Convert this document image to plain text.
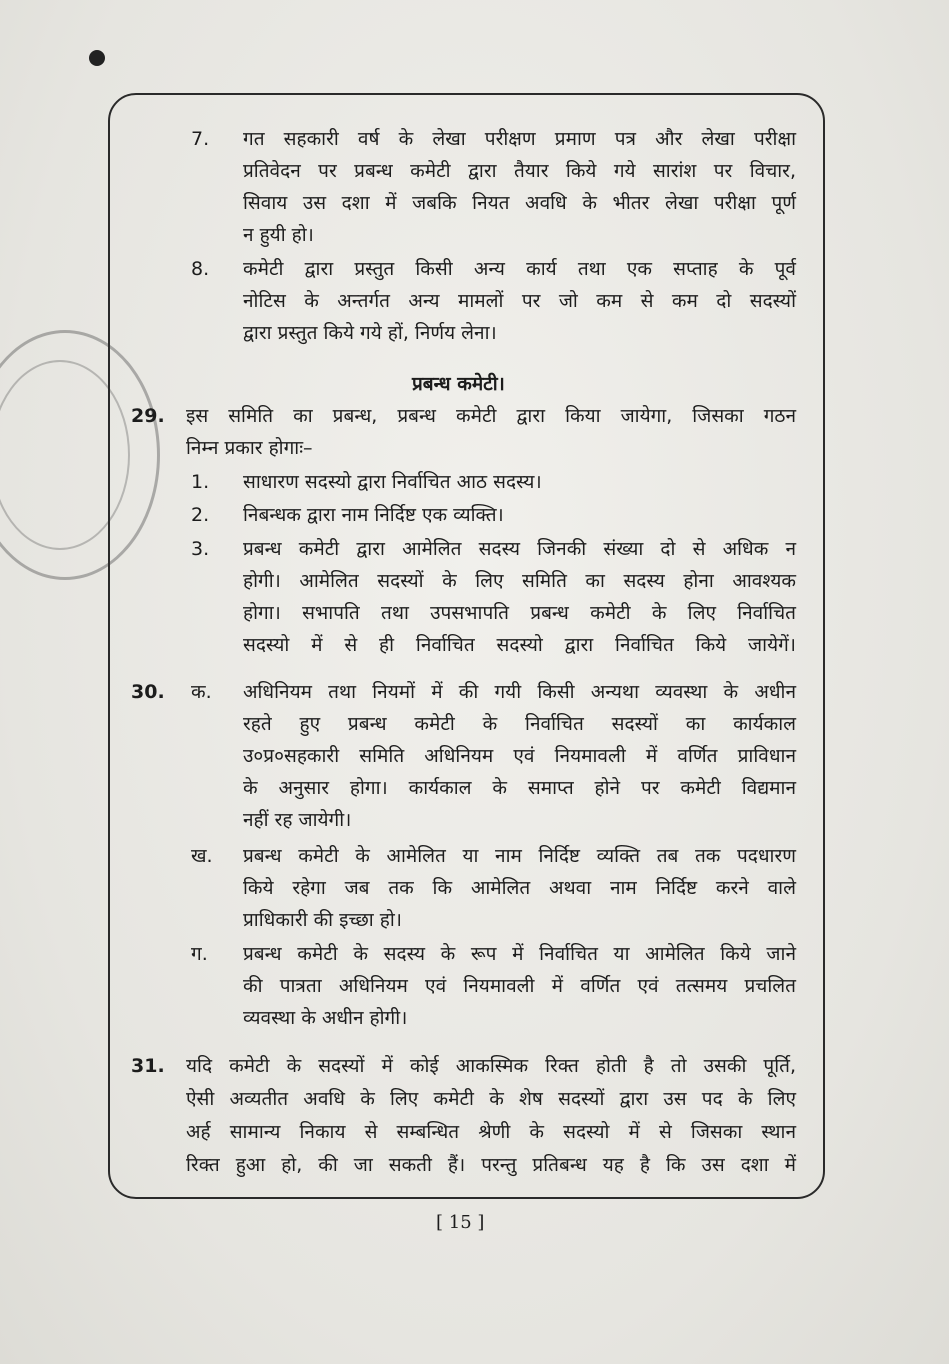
7. गत सहकारी वर्ष के लेखा परीक्षण प्रमाण पत्र और लेखा परीक्षा
प्रतिवेदन पर प्रबन्ध कमेटी द्वारा तैयार किये गये सारांश पर विचार,
सिवाय उस दशा में जबकि नियत अवधि के भीतर लेखा परीक्षा पूर्ण
न हुयी हो।
8. कमेटी द्वारा प्रस्तुत किसी अन्य कार्य तथा एक सप्ताह के पूर्व
नोटिस के अन्तर्गत अन्य मामलों पर जो कम से कम दो सदस्यों
द्वारा प्रस्तुत किये गये हों, निर्णय लेना।
प्रबन्ध कमेटी।
29. इस समिति का प्रबन्ध, प्रबन्ध कमेटी द्वारा किया जायेगा, जिसका गठन
निम्न प्रकार होगाः–
1. साधारण सदस्यो द्वारा निर्वाचित आठ सदस्य।
2. निबन्धक द्वारा नाम निर्दिष्ट एक व्यक्ति।
3. प्रबन्ध कमेटी द्वारा आमेलित सदस्य जिनकी संख्या दो से अधिक न
होगी। आमेलित सदस्यों के लिए समिति का सदस्य होना आवश्यक
होगा। सभापति तथा उपसभापति प्रबन्ध कमेटी के लिए निर्वाचित
सदस्यो में से ही निर्वाचित सदस्यो द्वारा निर्वाचित किये जायेगें।
30. क. अधिनियम तथा नियमों में की गयी किसी अन्यथा व्यवस्था के अधीन
रहते हुए प्रबन्ध कमेटी के निर्वाचित सदस्यों का कार्यकाल
उ०प्र०सहकारी समिति अधिनियम एवं नियमावली में वर्णित प्राविधान
के अनुसार होगा। कार्यकाल के समाप्त होने पर कमेटी विद्यमान
नहीं रह जायेगी।
ख. प्रबन्ध कमेटी के आमेलित या नाम निर्दिष्ट व्यक्ति तब तक पदधारण
किये रहेगा जब तक कि आमेलित अथवा नाम निर्दिष्ट करने वाले
प्राधिकारी की इच्छा हो।
ग. प्रबन्ध कमेटी के सदस्य के रूप में निर्वाचित या आमेलित किये जाने
की पात्रता अधिनियम एवं नियमावली में वर्णित एवं तत्समय प्रचलित
व्यवस्था के अधीन होगी।
31. यदि कमेटी के सदस्यों में कोई आकस्मिक रिक्त होती है तो उसकी पूर्ति,
ऐसी अव्यतीत अवधि के लिए कमेटी के शेष सदस्यों द्वारा उस पद के लिए
अर्ह सामान्य निकाय से सम्बन्धित श्रेणी के सदस्यो में से जिसका स्थान
रिक्त हुआ हो, की जा सकती हैं। परन्तु प्रतिबन्ध यह है कि उस दशा में
[ 15 ]
